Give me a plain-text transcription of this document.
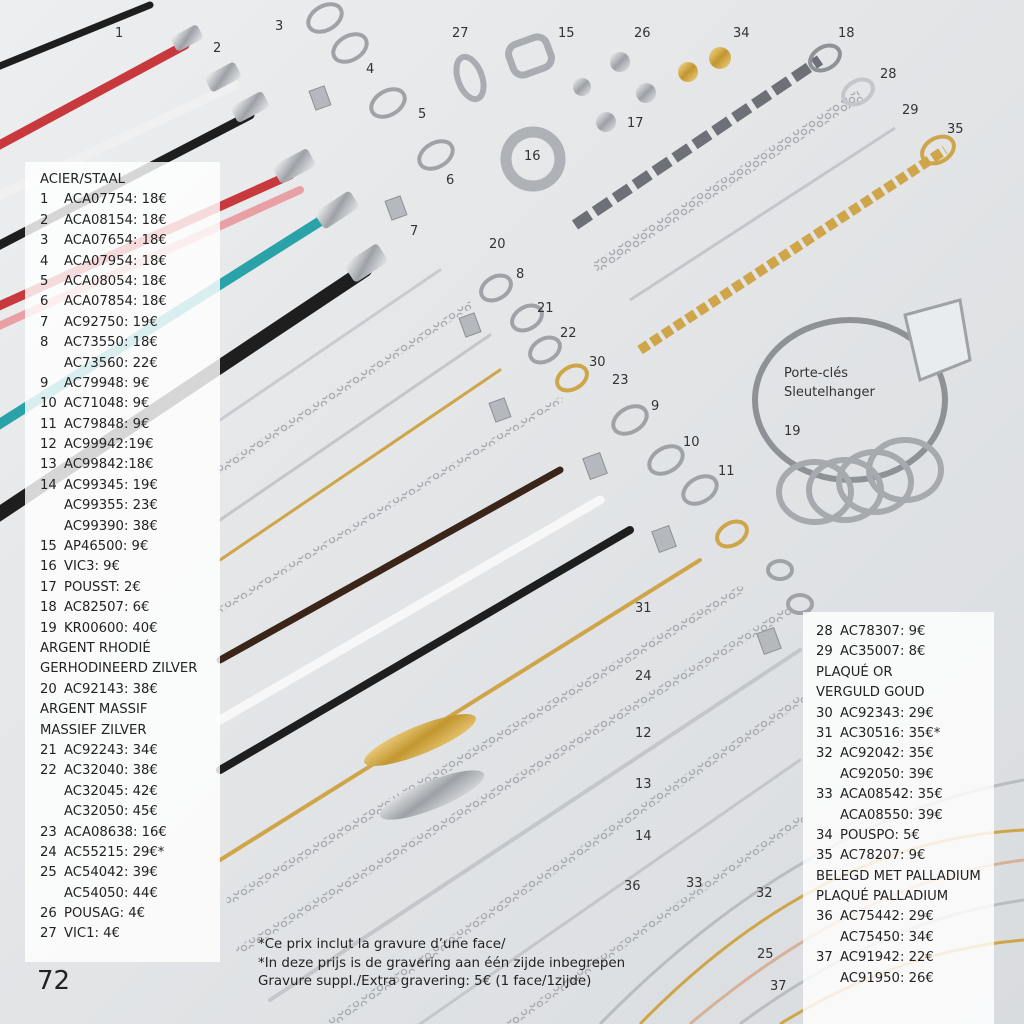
1
2
3
4
5
6
7
8
9
10
11
12
13
14
15
16
17
18
19
20
21
22
23
24
25
26
27
28
29
30
31
32
33
34
35
36
37
Porte-clés
Sleutelhanger
ACIER/STAAL
1 ACA07754: 18€
2 ACA08154: 18€
3 ACA07654: 18€
4 ACA07954: 18€
5 ACA08054: 18€
6 ACA07854: 18€
7 AC92750: 19€
8 AC73550: 18€
AC73560: 22€
9 AC79948: 9€
10 AC71048: 9€
11 AC79848: 9€
12 AC99942:19€
13 AC99842:18€
14 AC99345: 19€
AC99355: 23€
AC99390: 38€
15 AP46500: 9€
16 VIC3: 9€
17 POUSST: 2€
18 AC82507: 6€
19 KR00600: 40€
ARGENT RHODIÉ
GERHODINEERD ZILVER
20 AC92143: 38€
ARGENT MASSIF
MASSIEF ZILVER
21 AC92243: 34€
22 AC32040: 38€
AC32045: 42€
AC32050: 45€
23 ACA08638: 16€
24 AC55215: 29€*
25 AC54042: 39€
AC54050: 44€
26 POUSAG: 4€
27 VIC1: 4€
28 AC78307: 9€
29 AC35007: 8€
PLAQUÉ OR
VERGULD GOUD
30 AC92343: 29€
31 AC30516: 35€*
32 AC92042: 35€
AC92050: 39€
33 ACA08542: 35€
ACA08550: 39€
34 POUSPO: 5€
35 AC78207: 9€
BELEGD MET PALLADIUM
PLAQUÉ PALLADIUM
36 AC75442: 29€
AC75450: 34€
37 AC91942: 22€
AC91950: 26€
*Ce prix inclut la gravure d’une face/
*In deze prijs is de gravering aan één zijde inbegrepen
Gravure suppl./Extra gravering: 5€ (1 face/1zijde)
72
